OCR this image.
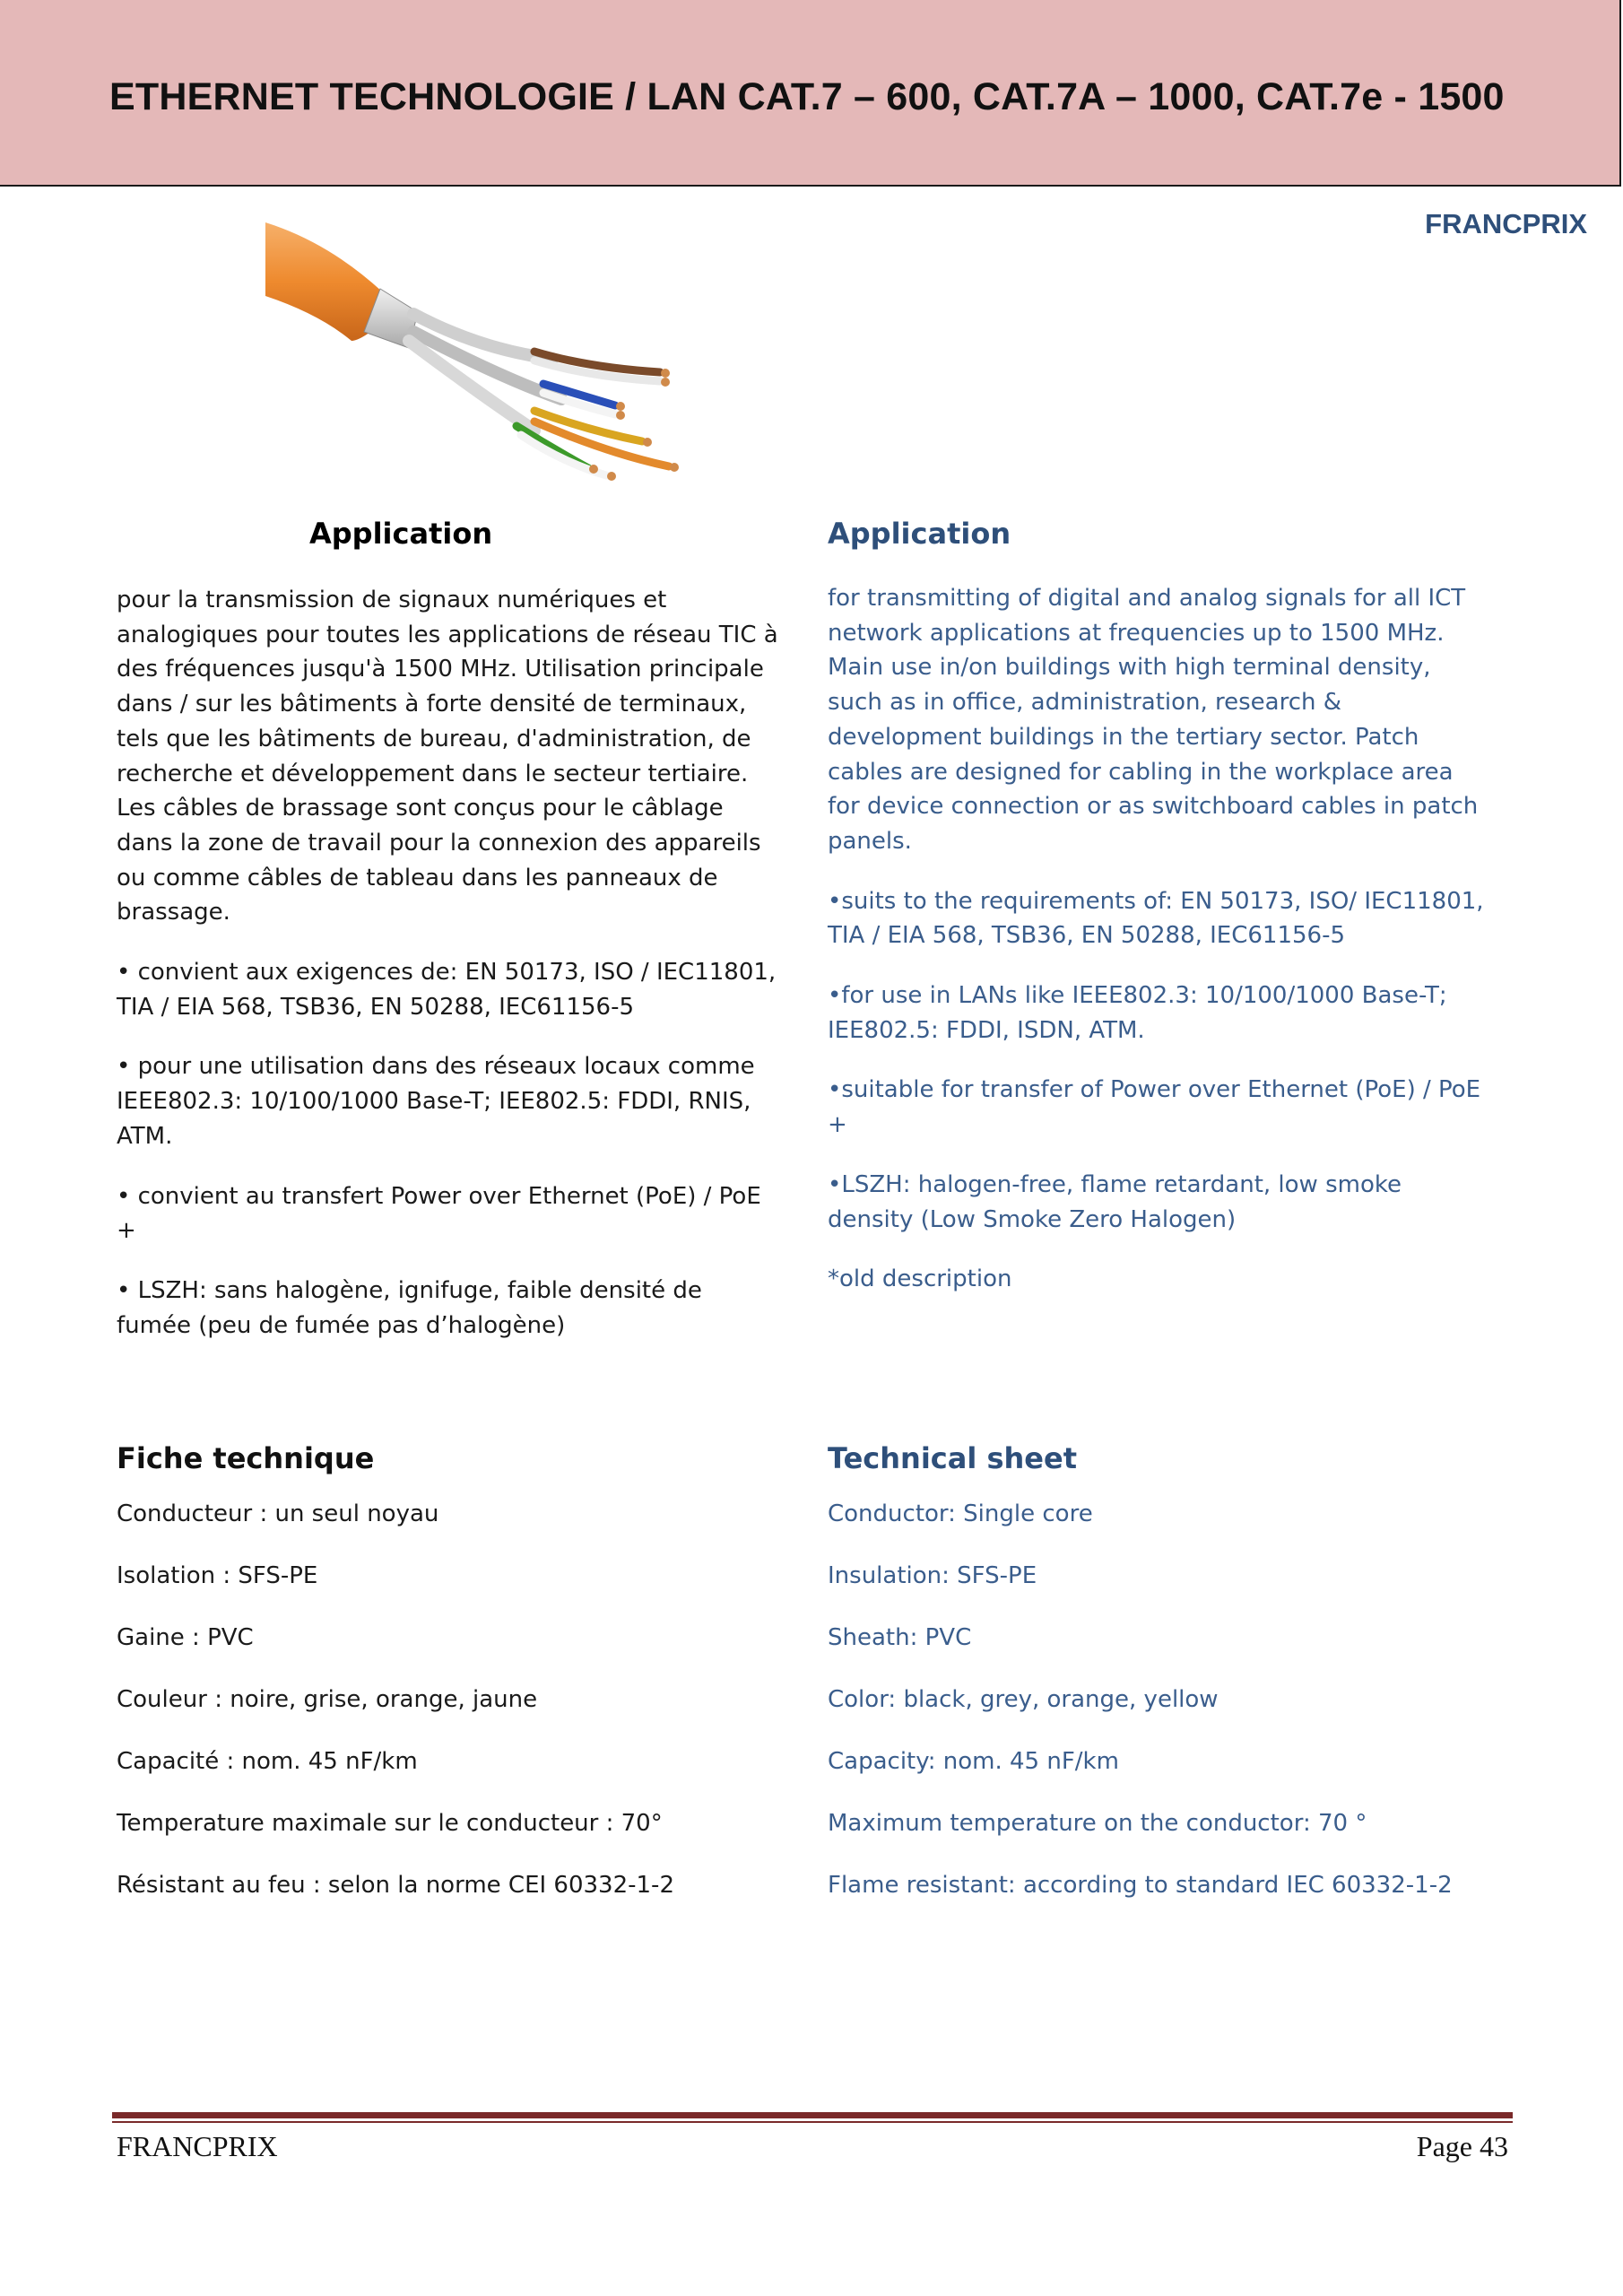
ETHERNET TECHNOLOGIE / LAN CAT.7 – 600, CAT.7A – 1000, CAT.7e - 1500
FRANCPRIX
Application	Application

pour la transmission de signaux numériques et analogiques pour toutes les applications de réseau TIC à des fréquences jusqu'à 1500 MHz. Utilisation principale dans / sur les bâtiments à forte densité de terminaux, tels que les bâtiments de bureau, d'administration, de recherche et développement dans le secteur tertiaire. Les câbles de brassage sont conçus pour le câblage dans la zone de travail pour la connexion des appareils ou comme câbles de tableau dans les panneaux de brassage.

• convient aux exigences de: EN 50173, ISO / IEC11801, TIA / EIA 568, TSB36, EN 50288, IEC61156-5

• pour une utilisation dans des réseaux locaux comme IEEE802.3: 10/100/1000 Base-T; IEE802.5: FDDI, RNIS, ATM.

• convient au transfert Power over Ethernet (PoE) / PoE +

• LSZH: sans halogène, ignifuge, faible densité de fumée (peu de fumée pas d’halogène)

for transmitting of digital and analog signals for all ICT network applications at frequencies up to 1500 MHz. Main use in/on buildings with high terminal density, such as in office, administration, research & development buildings in the tertiary sector. Patch cables are designed for cabling in the workplace area for device connection or as switchboard cables in patch panels.

•suits to the requirements of: EN 50173, ISO/ IEC11801, TIA / EIA 568, TSB36, EN 50288, IEC61156-5

•for use in LANs like IEEE802.3: 10/100/1000 Base-T; IEE802.5: FDDI, ISDN, ATM.

•suitable for transfer of Power over Ethernet (PoE) / PoE +

•LSZH: halogen-free, flame retardant, low smoke density (Low Smoke Zero Halogen)

*old description

Fiche technique
Conducteur : un seul noyau
Isolation : SFS-PE
Gaine : PVC
Couleur : noire, grise, orange, jaune
Capacité : nom. 45 nF/km
Temperature maximale sur le conducteur : 70°
Résistant au feu : selon la norme CEI 60332-1-2
Technical sheet
Conductor: Single core
Insulation: SFS-PE
Sheath: PVC
Color: black, grey, orange, yellow
Capacity: nom. 45 nF/km
Maximum temperature on the conductor: 70 °
Flame resistant: according to standard IEC 60332-1-2
FRANCPRIX	Page 43
